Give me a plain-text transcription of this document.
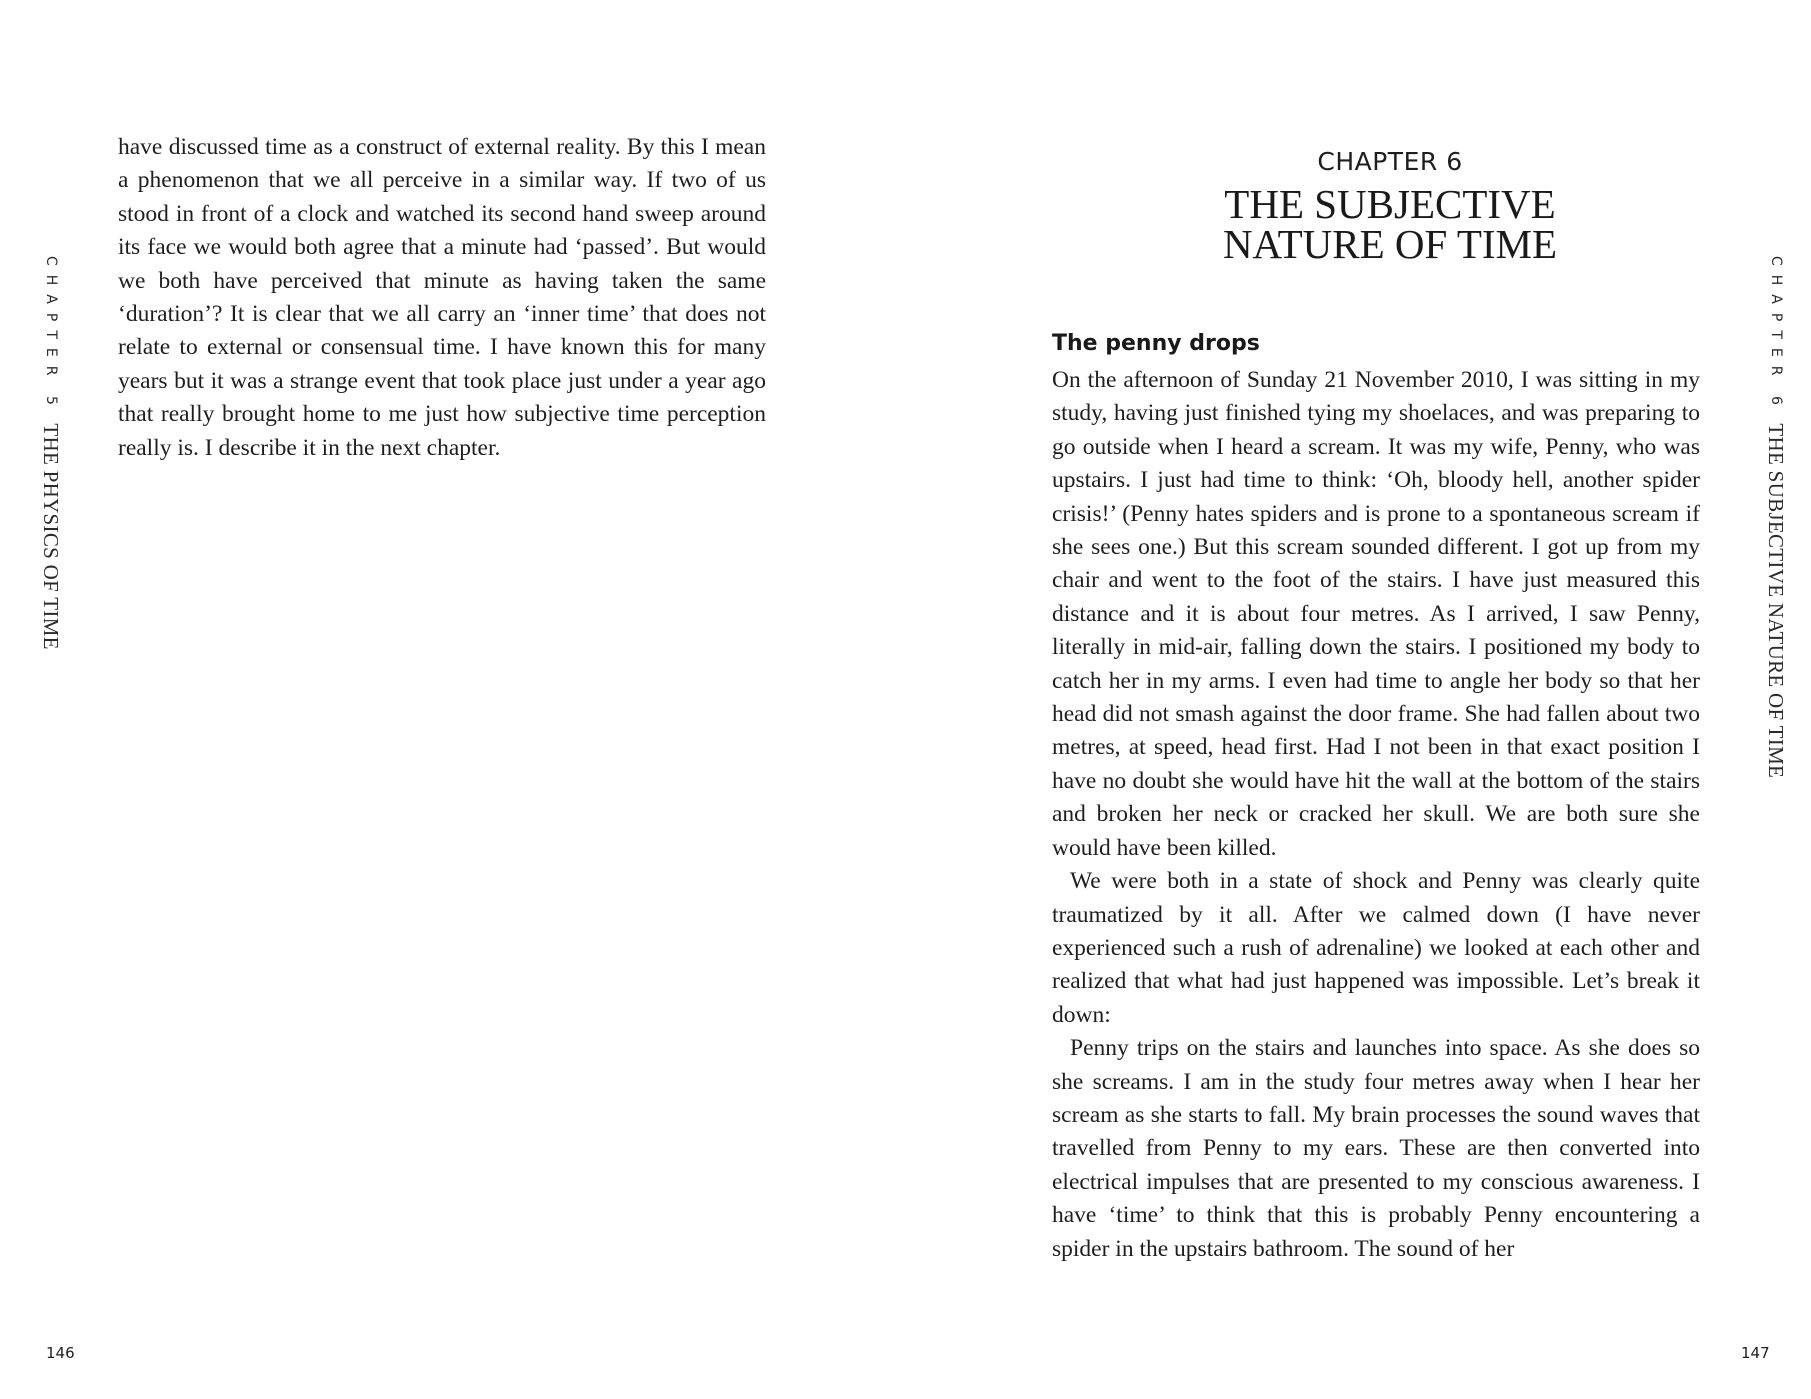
CHAPTER 5 THE PHYSICS OF TIME

have discussed time as a construct of external reality. By this I mean a phenomenon that we all perceive in a similar way. If two of us stood in front of a clock and watched its second hand sweep around its face we would both agree that a minute had ‘passed’. But would we both have perceived that minute as having taken the same ‘duration’? It is clear that we all carry an ‘inner time’ that does not relate to external or consensual time. I have known this for many years but it was a strange event that took place just under a year ago that really brought home to me just how subjective time perception really is. I describe it in the next chapter.

146
CHAPTER 6
THE SUBJECTIVE
NATURE OF TIME
The penny drops

On the afternoon of Sunday 21 November 2010, I was sitting in my study, having just finished tying my shoelaces, and was preparing to go outside when I heard a scream. It was my wife, Penny, who was upstairs. I just had time to think: ‘Oh, bloody hell, another spider crisis!’ (Penny hates spiders and is prone to a spontaneous scream if she sees one.) But this scream sounded different. I got up from my chair and went to the foot of the stairs. I have just measured this distance and it is about four metres. As I arrived, I saw Penny, literally in mid-air, falling down the stairs. I positioned my body to catch her in my arms. I even had time to angle her body so that her head did not smash against the door frame. She had fallen about two metres, at speed, head first. Had I not been in that exact position I have no doubt she would have hit the wall at the bottom of the stairs and broken her neck or cracked her skull. We are both sure she would have been killed.

We were both in a state of shock and Penny was clearly quite traumatized by it all. After we calmed down (I have never experienced such a rush of adrenaline) we looked at each other and realized that what had just happened was impossible. Let’s break it down:

Penny trips on the stairs and launches into space. As she does so she screams. I am in the study four metres away when I hear her scream as she starts to fall. My brain processes the sound waves that travelled from Penny to my ears. These are then converted into electrical impulses that are presented to my conscious awareness. I have ‘time’ to think that this is probably Penny encountering a spider in the upstairs bathroom. The sound of her

CHAPTER 6 THE SUBJECTIVE NATURE OF TIME
147
